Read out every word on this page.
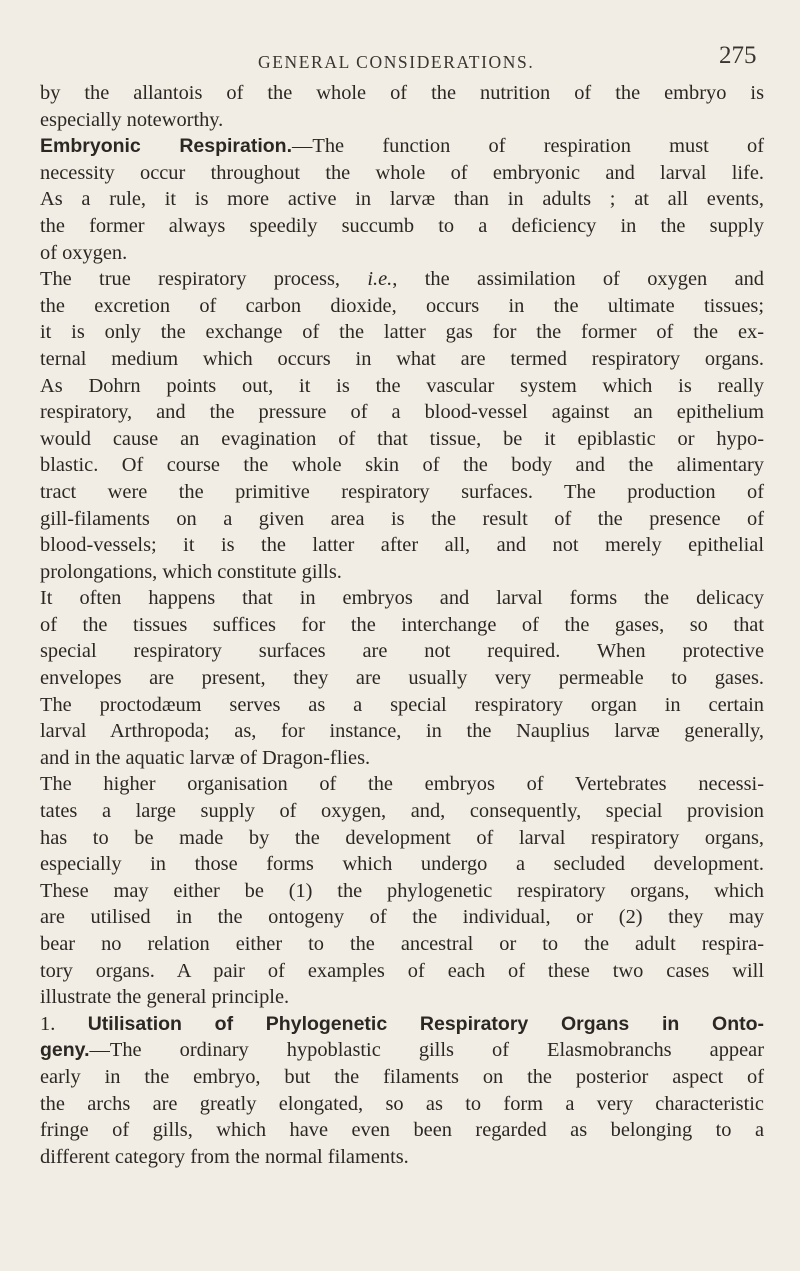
GENERAL CONSIDERATIONS.	275
by the allantois of the whole of the nutrition of the embryo is
especially noteworthy.
Embryonic Respiration.—The function of respiration must of
necessity occur throughout the whole of embryonic and larval life.
As a rule, it is more active in larvæ than in adults ; at all events,
the former always speedily succumb to a deficiency in the supply
of oxygen.
The true respiratory process, i.e., the assimilation of oxygen and
the excretion of carbon dioxide, occurs in the ultimate tissues;
it is only the exchange of the latter gas for the former of the ex-
ternal medium which occurs in what are termed respiratory organs.
As Dohrn points out, it is the vascular system which is really
respiratory, and the pressure of a blood-vessel against an epithelium
would cause an evagination of that tissue, be it epiblastic or hypo-
blastic. Of course the whole skin of the body and the alimentary
tract were the primitive respiratory surfaces. The production of
gill-filaments on a given area is the result of the presence of
blood-vessels; it is the latter after all, and not merely epithelial
prolongations, which constitute gills.
It often happens that in embryos and larval forms the delicacy
of the tissues suffices for the interchange of the gases, so that
special respiratory surfaces are not required. When protective
envelopes are present, they are usually very permeable to gases.
The proctodæum serves as a special respiratory organ in certain
larval Arthropoda; as, for instance, in the Nauplius larvæ generally,
and in the aquatic larvæ of Dragon-flies.
The higher organisation of the embryos of Vertebrates necessi-
tates a large supply of oxygen, and, consequently, special provision
has to be made by the development of larval respiratory organs,
especially in those forms which undergo a secluded development.
These may either be (1) the phylogenetic respiratory organs, which
are utilised in the ontogeny of the individual, or (2) they may
bear no relation either to the ancestral or to the adult respira-
tory organs. A pair of examples of each of these two cases will
illustrate the general principle.
1. Utilisation of Phylogenetic Respiratory Organs in Onto-
geny.—The ordinary hypoblastic gills of Elasmobranchs appear
early in the embryo, but the filaments on the posterior aspect of
the archs are greatly elongated, so as to form a very characteristic
fringe of gills, which have even been regarded as belonging to a
different category from the normal filaments.
